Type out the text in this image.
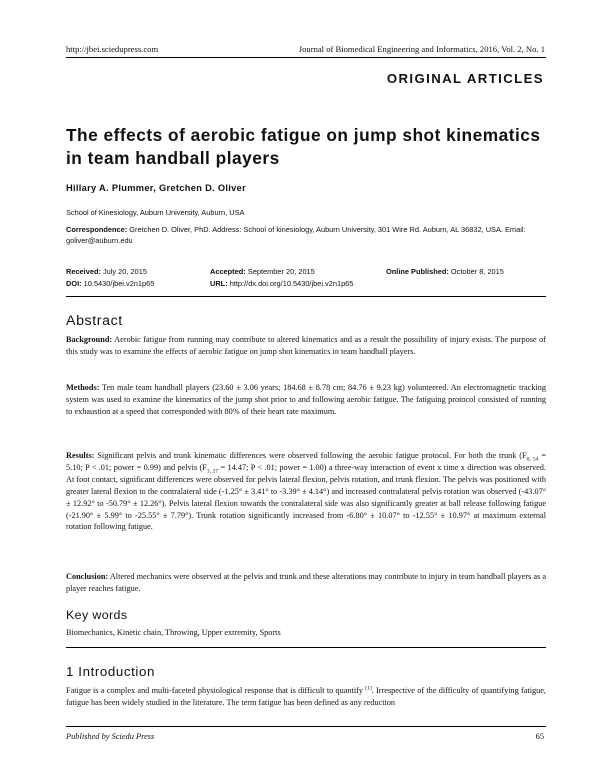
http://jbei.sciedupress.com	Journal of Biomedical Engineering and Informatics, 2016, Vol. 2, No. 1
ORIGINAL ARTICLES
The effects of aerobic fatigue on jump shot kinematics in team handball players
Hillary A. Plummer, Gretchen D. Oliver
School of Kinesiology, Auburn University, Auburn, USA
Correspondence: Gretchen D. Oliver, PhD. Address: School of kinesiology, Auburn University, 301 Wire Rd. Auburn, AL 36832, USA. Email: goliver@auburn.edu
Received: July 20, 2015	Accepted: September 20, 2015	Online Published: October 8, 2015
DOI: 10.5430/jbei.v2n1p65	URL: http://dx.doi.org/10.5430/jbei.v2n1p65
Abstract
Background: Aerobic fatigue from running may contribute to altered kinematics and as a result the possibility of injury exists. The purpose of this study was to examine the effects of aerobic fatigue on jump shot kinematics in team handball players.
Methods: Ten male team handball players (23.60 ± 3.06 years; 184.68 ± 8.78 cm; 84.76 ± 9.23 kg) volunteered. An electromagnetic tracking system was used to examine the kinematics of the jump shot prior to and following aerobic fatigue. The fatiguing protocol consisted of running to exhaustion at a speed that corresponded with 80% of their heart rate maximum.
Results: Significant pelvis and trunk kinematic differences were observed following the aerobic fatigue protocol. For both the trunk ($F_{6, 54} = 5.10$; P < .01; power = 0.99) and pelvis ($F_{3, 27} = 14.47$; P < .01; power = 1.00) a three-way interaction of event x time x direction was observed. At foot contact, significant differences were observed for pelvis lateral flexion, pelvis rotation, and trunk flexion. The pelvis was positioned with greater lateral flexion to the contralateral side (-1.25° ± 3.41° to -3.39° ± 4.14°) and increased contralateral pelvis rotation was observed (-43.07° ± 12.92° to -50.79° ± 12.26°). Pelvis lateral flexion towards the contralateral side was also significantly greater at ball release following fatigue (-21.90° ± 5.99° to -25.55° ± 7.79°). Trunk rotation significantly increased from -6.80° ± 10.07° to -12.55° ± 10.97° at maximum external rotation following fatigue.
Conclusion: Altered mechanics were observed at the pelvis and trunk and these alterations may contribute to injury in team handball players as a player reaches fatigue.
Key words
Biomechanics, Kinetic chain, Throwing, Upper extremity, Sports
1 Introduction
Fatigue is a complex and multi-faceted physiological response that is difficult to quantify [1]. Irrespective of the difficulty of quantifying fatigue, fatigue has been widely studied in the literature. The term fatigue has been defined as any reduction
Published by Sciedu Press	65
